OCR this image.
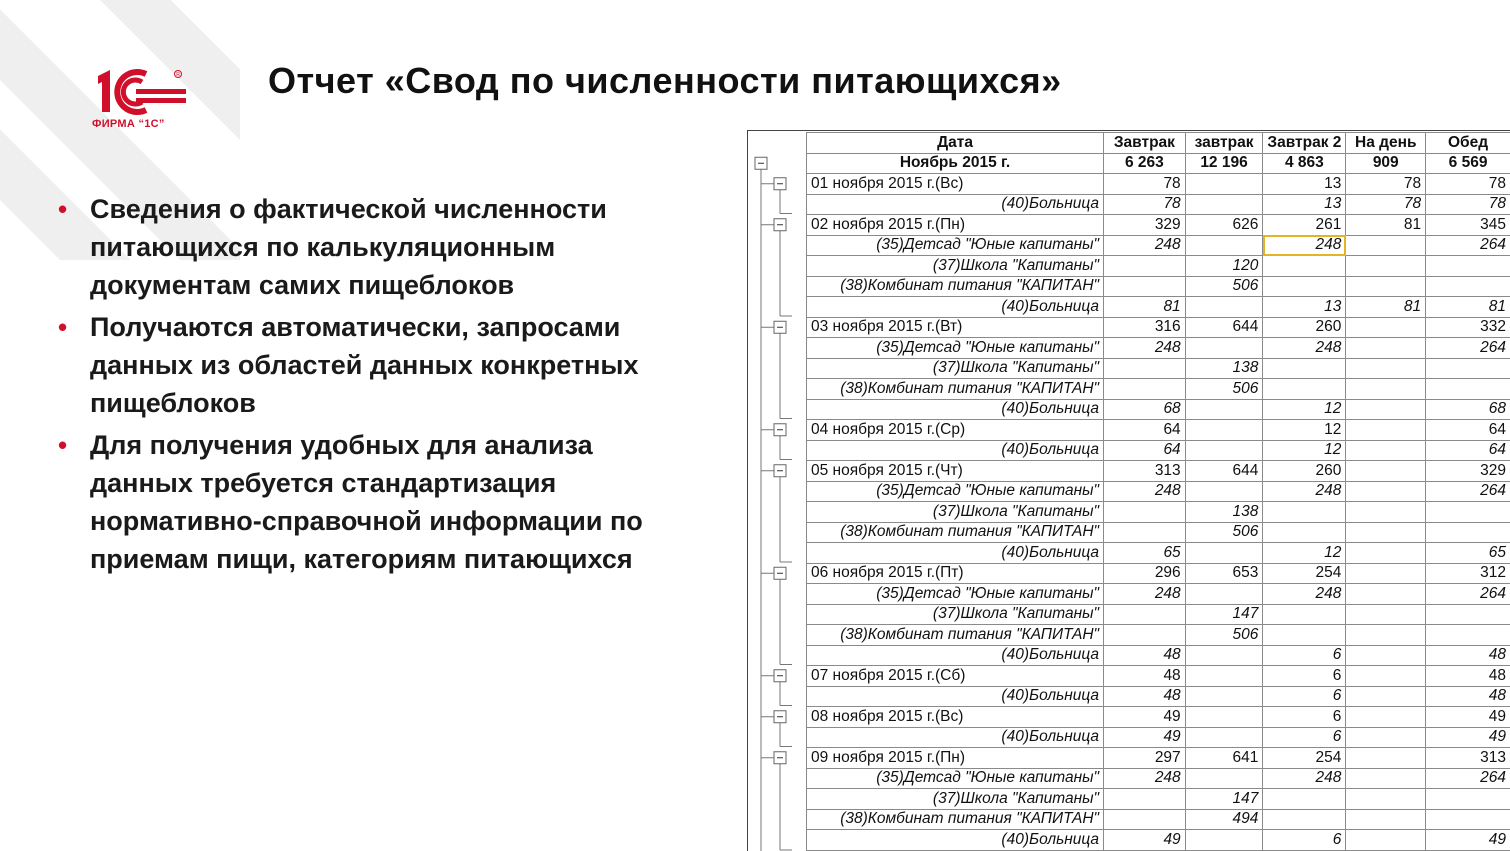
R
ФИРМА “1С”
Отчет «Свод по численности питающихся»
• Сведения о фактической численности питающихся по калькуляционным документам самих пищеблоков
• Получаются автоматически, запросами данных из областей данных конкретных пищеблоков
• Для получения удобных для анализа данных требуется стандартизация нормативно-справочной информации по приемам пищи, категориям питающихся
Дата	Завтрак	завтрак	Завтрак 2	На день	Обед
Ноябрь 2015 г.	6 263	12 196	4 863	909	6 569
01 ноября 2015 г.(Вс)	78		13	78	78
(40)Больница	78		13	78	78
02 ноября 2015 г.(Пн)	329	626	261	81	345
(35)Детсад "Юные капитаны"	248		248		264
(37)Школа "Капитаны"		120			
(38)Комбинат питания "КАПИТАН"		506			
(40)Больница	81		13	81	81
03 ноября 2015 г.(Вт)	316	644	260		332
(35)Детсад "Юные капитаны"	248		248		264
(37)Школа "Капитаны"		138			
(38)Комбинат питания "КАПИТАН"		506			
(40)Больница	68		12		68
04 ноября 2015 г.(Ср)	64		12		64
(40)Больница	64		12		64
05 ноября 2015 г.(Чт)	313	644	260		329
(35)Детсад "Юные капитаны"	248		248		264
(37)Школа "Капитаны"		138			
(38)Комбинат питания "КАПИТАН"		506			
(40)Больница	65		12		65
06 ноября 2015 г.(Пт)	296	653	254		312
(35)Детсад "Юные капитаны"	248		248		264
(37)Школа "Капитаны"		147			
(38)Комбинат питания "КАПИТАН"		506			
(40)Больница	48		6		48
07 ноября 2015 г.(Сб)	48		6		48
(40)Больница	48		6		48
08 ноября 2015 г.(Вс)	49		6		49
(40)Больница	49		6		49
09 ноября 2015 г.(Пн)	297	641	254		313
(35)Детсад "Юные капитаны"	248		248		264
(37)Школа "Капитаны"		147			
(38)Комбинат питания "КАПИТАН"		494			
(40)Больница	49		6		49
